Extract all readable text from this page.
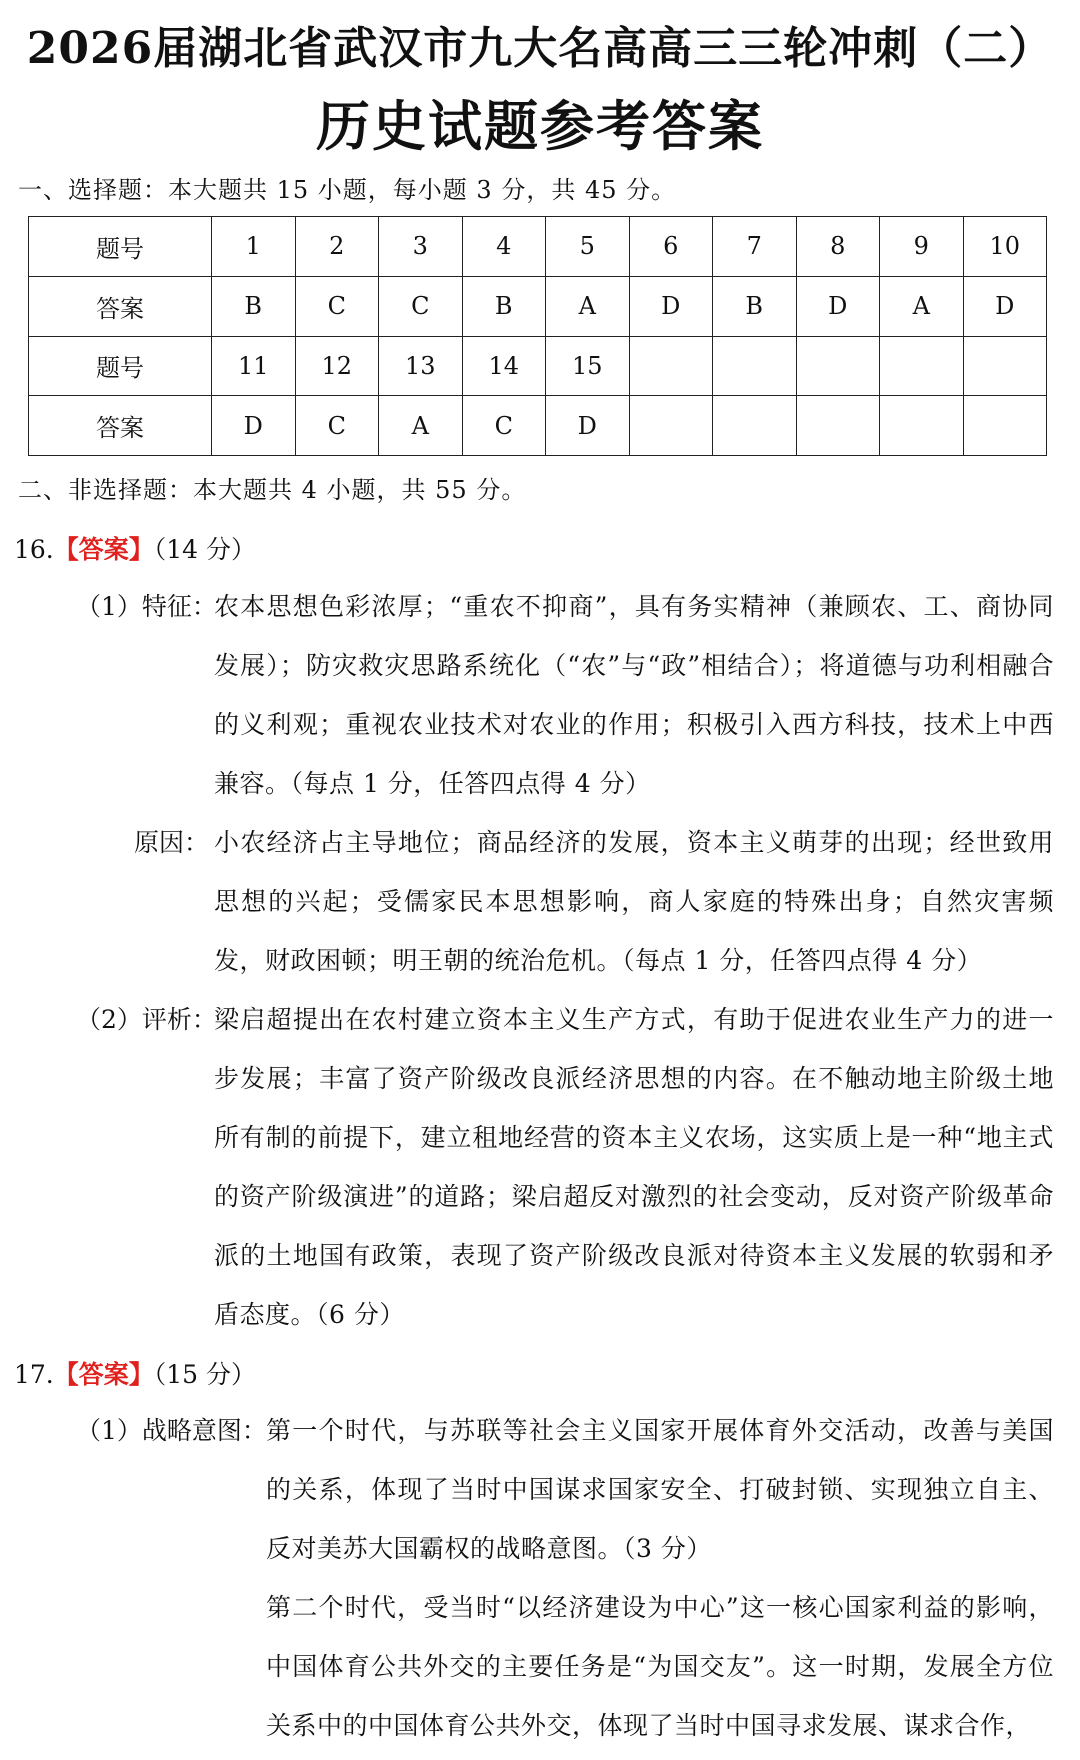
2026届湖北省武汉市九大名高高三三轮冲刺（二）
历史试题参考答案
一、选择题：本大题共 15 小题，每小题 3 分，共 45 分。
题号	1	2	3	4	5	6	7	8	9	10
答案	B	C	C	B	A	D	B	D	A	D
题号	11	12	13	14	15					
答案	D	C	A	C	D					
二、非选择题：本大题共 4 小题，共 55 分。
16.【答案】（14 分）
（1）特征：
农本思想色彩浓厚；“重农不抑商”，具有务实精神（兼顾农、工、商协同发展）；防灾救灾思路系统化（“农”与“政”相结合）；将道德与功利相融合的义利观；重视农业技术对农业的作用；积极引入西方科技，技术上中西兼容。（每点 1 分，任答四点得 4 分）
原因： 小农经济占主导地位；商品经济的发展，资本主义萌芽的出现；经世致用思想的兴起；受儒家民本思想影响，商人家庭的特殊出身；自然灾害频发，财政困顿；明王朝的统治危机。（每点 1 分，任答四点得 4 分）
（2）评析：
梁启超提出在农村建立资本主义生产方式，有助于促进农业生产力的进一步发展；丰富了资产阶级改良派经济思想的内容。在不触动地主阶级土地所有制的前提下，建立租地经营的资本主义农场，这实质上是一种“地主式的资产阶级演进”的道路；梁启超反对激烈的社会变动，反对资产阶级革命派的土地国有政策，表现了资产阶级改良派对待资本主义发展的软弱和矛盾态度。（6 分）
17.【答案】（15 分）
（1）战略意图： 第一个时代，与苏联等社会主义国家开展体育外交活动，改善与美国的关系，体现了当时中国谋求国家安全、打破封锁、实现独立自主、反对美苏大国霸权的战略意图。（3 分）
第二个时代，受当时“以经济建设为中心”这一核心国家利益的影响，中国体育公共外交的主要任务是“为国交友”。这一时期，发展全方位关系中的中国体育公共外交，体现了当时中国寻求发展、谋求合作，
